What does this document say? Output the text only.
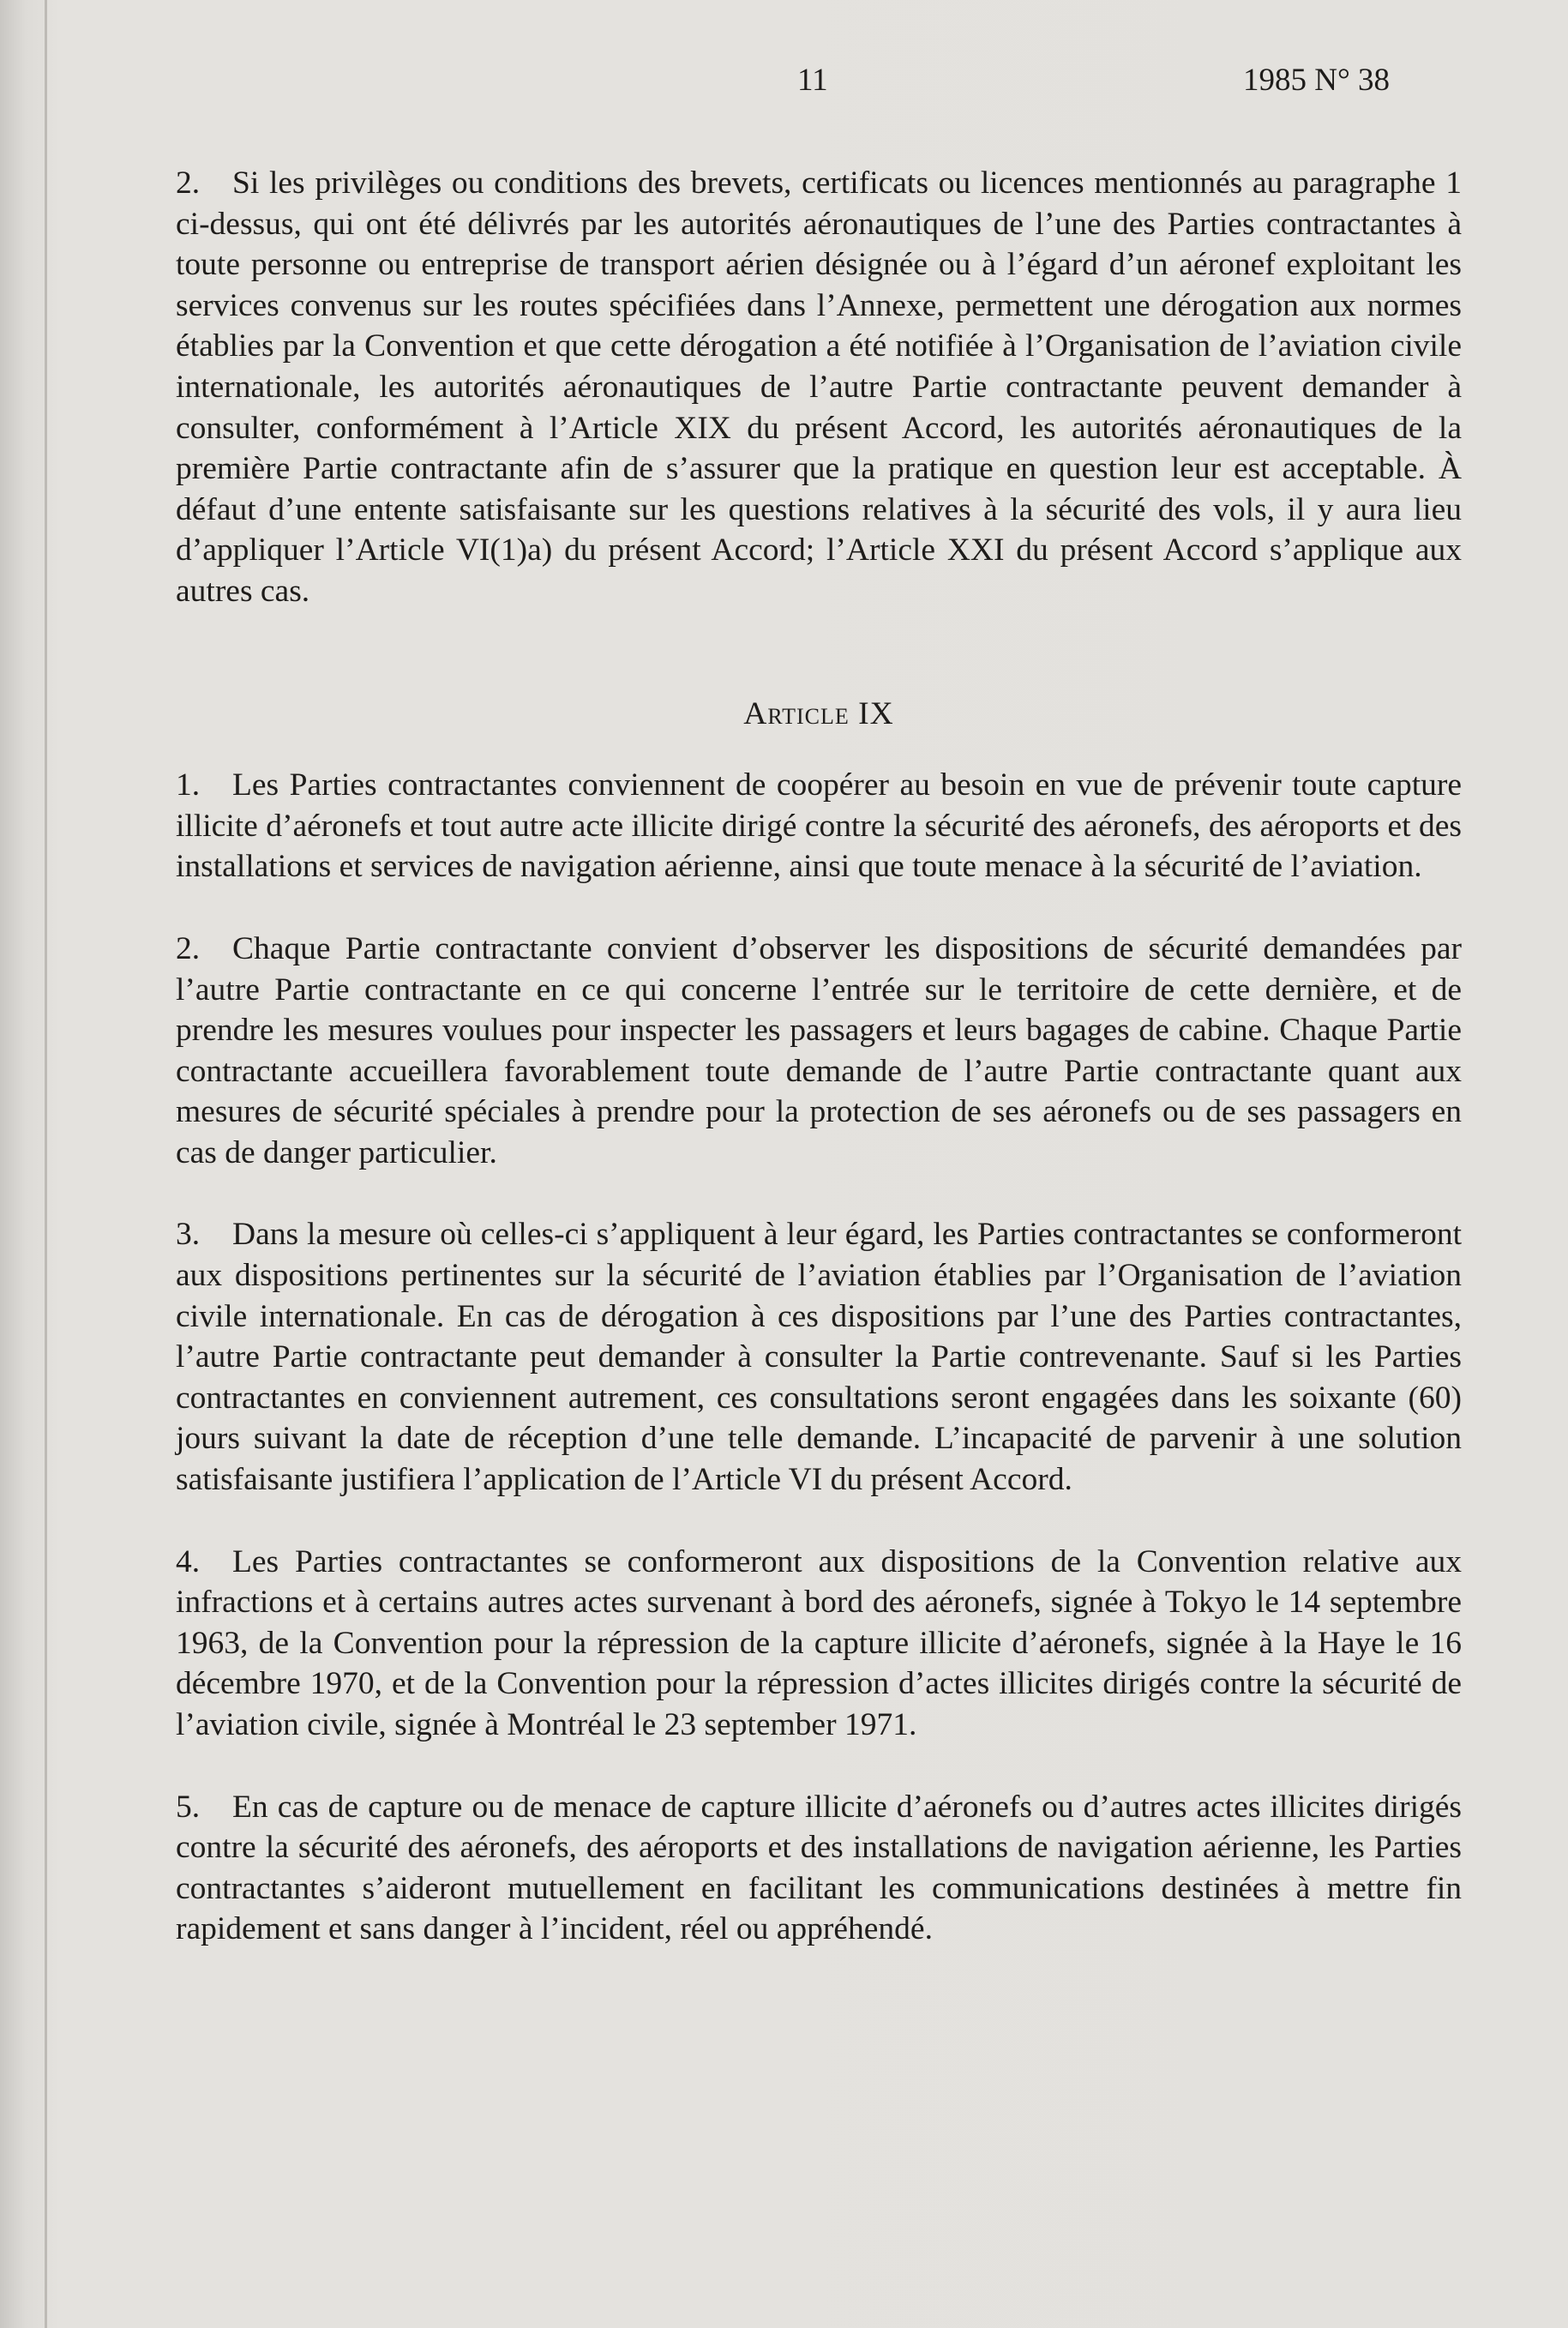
11	1985 N° 38

2. Si les privilèges ou conditions des brevets, certificats ou licences mentionnés au paragraphe 1 ci-dessus, qui ont été délivrés par les autorités aéronautiques de l’une des Parties contractantes à toute personne ou entreprise de transport aérien désignée ou à l’égard d’un aéronef exploitant les services convenus sur les routes spécifiées dans l’Annexe, permettent une dérogation aux normes établies par la Convention et que cette dérogation a été notifiée à l’Organisation de l’aviation civile internationale, les autorités aéronautiques de l’autre Partie contractante peuvent demander à consulter, conformément à l’Article XIX du présent Accord, les autorités aéronautiques de la première Partie contractante afin de s’assurer que la pratique en question leur est acceptable. À défaut d’une entente satisfaisante sur les questions relatives à la sécurité des vols, il y aura lieu d’appliquer l’Article VI(1)a) du présent Accord; l’Article XXI du présent Accord s’applique aux autres cas.

Article IX

1. Les Parties contractantes conviennent de coopérer au besoin en vue de prévenir toute capture illicite d’aéronefs et tout autre acte illicite dirigé contre la sécurité des aéronefs, des aéroports et des installations et services de navigation aérienne, ainsi que toute menace à la sécurité de l’aviation.

2. Chaque Partie contractante convient d’observer les dispositions de sécurité demandées par l’autre Partie contractante en ce qui concerne l’entrée sur le territoire de cette dernière, et de prendre les mesures voulues pour inspecter les passagers et leurs bagages de cabine. Chaque Partie contractante accueillera favorablement toute demande de l’autre Partie contractante quant aux mesures de sécurité spéciales à prendre pour la protection de ses aéronefs ou de ses passagers en cas de danger particulier.

3. Dans la mesure où celles-ci s’appliquent à leur égard, les Parties contractantes se conformeront aux dispositions pertinentes sur la sécurité de l’aviation établies par l’Organisation de l’aviation civile internationale. En cas de dérogation à ces dispositions par l’une des Parties contractantes, l’autre Partie contractante peut demander à consulter la Partie contrevenante. Sauf si les Parties contractantes en conviennent autrement, ces consultations seront engagées dans les soixante (60) jours suivant la date de réception d’une telle demande. L’incapacité de parvenir à une solution satisfaisante justifiera l’application de l’Article VI du présent Accord.

4. Les Parties contractantes se conformeront aux dispositions de la Convention relative aux infractions et à certains autres actes survenant à bord des aéronefs, signée à Tokyo le 14 septembre 1963, de la Convention pour la répression de la capture illicite d’aéronefs, signée à la Haye le 16 décembre 1970, et de la Convention pour la répression d’actes illicites dirigés contre la sécurité de l’aviation civile, signée à Montréal le 23 september 1971.

5. En cas de capture ou de menace de capture illicite d’aéronefs ou d’autres actes illicites dirigés contre la sécurité des aéronefs, des aéroports et des installations de navigation aérienne, les Parties contractantes s’aideront mutuellement en facilitant les communications destinées à mettre fin rapidement et sans danger à l’incident, réel ou appréhendé.
